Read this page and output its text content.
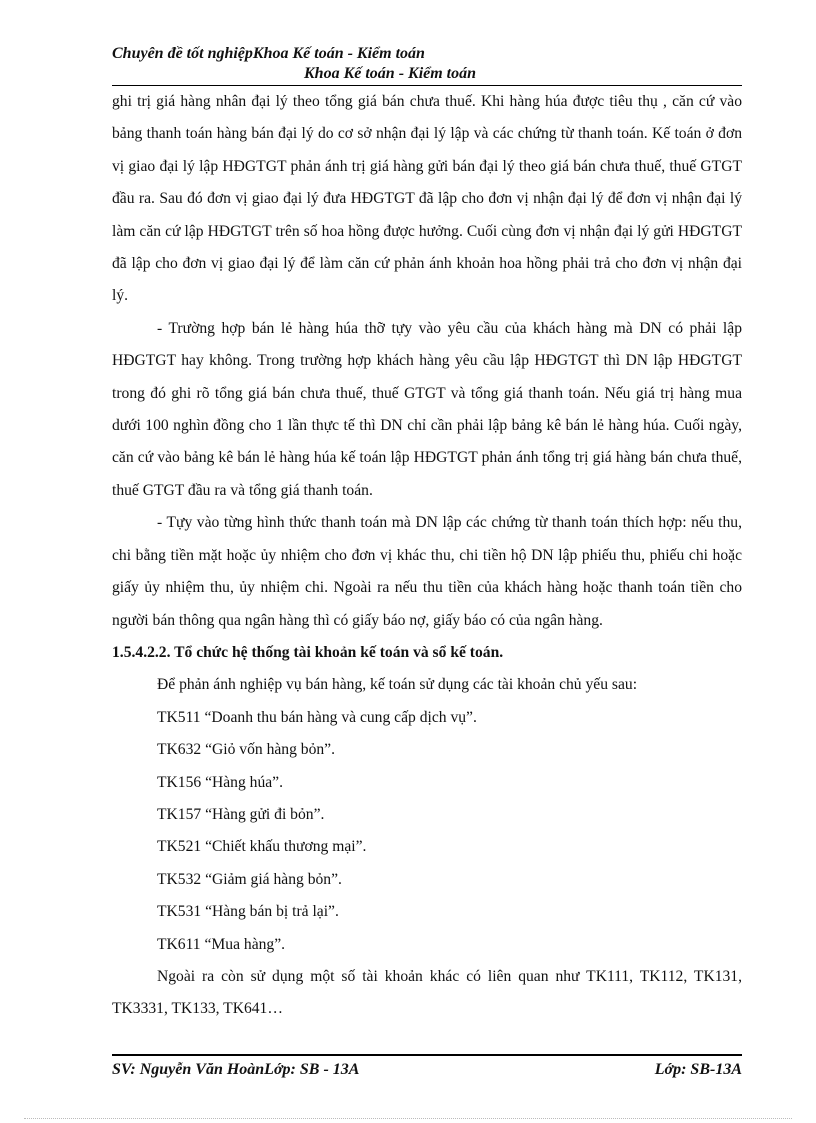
Chuyên đề tốt nghiệpKhoa Kế toán - Kiểm toán
Khoa Kế toán - Kiểm toán

ghi trị giá hàng nhân đại lý theo tổng giá bán chưa thuế. Khi hàng húa được tiêu thụ , căn cứ vào bảng thanh toán hàng bán đại lý do cơ sở nhận đại lý lập và các chứng từ thanh toán. Kế toán ở đơn vị giao đại lý lập HĐGTGT phản ánh trị giá hàng gửi bán đại lý theo giá bán chưa thuế, thuế GTGT đầu ra. Sau đó đơn vị giao đại lý đưa HĐGTGT đã lập cho đơn vị nhận đại lý để đơn vị nhận đại lý làm căn cứ lập HĐGTGT trên số hoa hồng được hưởng. Cuối cùng đơn vị nhận đại lý gửi HĐGTGT đã lập cho đơn vị giao đại lý để làm căn cứ phản ánh khoản hoa hồng phải trả cho đơn vị nhận đại lý.

- Trường hợp bán lẻ hàng húa thỡ tựy vào yêu cầu của khách hàng mà DN có phải lập HĐGTGT hay không. Trong trường hợp khách hàng yêu cầu lập HĐGTGT thì DN lập HĐGTGT trong đó ghi rõ tổng giá bán chưa thuế, thuế GTGT và tổng giá thanh toán. Nếu giá trị hàng mua dưới 100 nghìn đồng cho 1 lần thực tế thì DN chỉ cần phải lập bảng kê bán lẻ hàng húa. Cuối ngày, căn cứ vào bảng kê bán lẻ hàng húa kế toán lập HĐGTGT phản ánh tổng trị giá hàng bán chưa thuế, thuế GTGT đầu ra và tổng giá thanh toán.

- Tựy vào từng hình thức thanh toán mà DN lập các chứng từ thanh toán thích hợp: nếu thu, chi bằng tiền mặt hoặc ủy nhiệm cho đơn vị khác thu, chi tiền hộ DN lập phiếu thu, phiếu chi hoặc giấy ủy nhiệm thu, ủy nhiệm chi. Ngoài ra nếu thu tiền của khách hàng hoặc thanh toán tiền cho người bán thông qua ngân hàng thì có giấy báo nợ, giấy báo có của ngân hàng.

1.5.4.2.2. Tổ chức hệ thống tài khoản kế toán và sổ kế toán.

Để phản ánh nghiệp vụ bán hàng, kế toán sử dụng các tài khoản chủ yếu sau:

TK511 “Doanh thu bán hàng và cung cấp dịch vụ”.
TK632 “Giỏ vốn hàng bỏn”.
TK156 “Hàng húa”.
TK157 “Hàng gửi đi bỏn”.
TK521 “Chiết khấu thương mại”.
TK532 “Giảm giá hàng bỏn”.
TK531 “Hàng bán bị trả lại”.
TK611 “Mua hàng”.

Ngoài ra còn sử dụng một số tài khoản khác có liên quan như TK111, TK112, TK131, TK3331, TK133, TK641…

SV: Nguyễn Văn HoànLớp: SB - 13A	Lớp: SB-13A
